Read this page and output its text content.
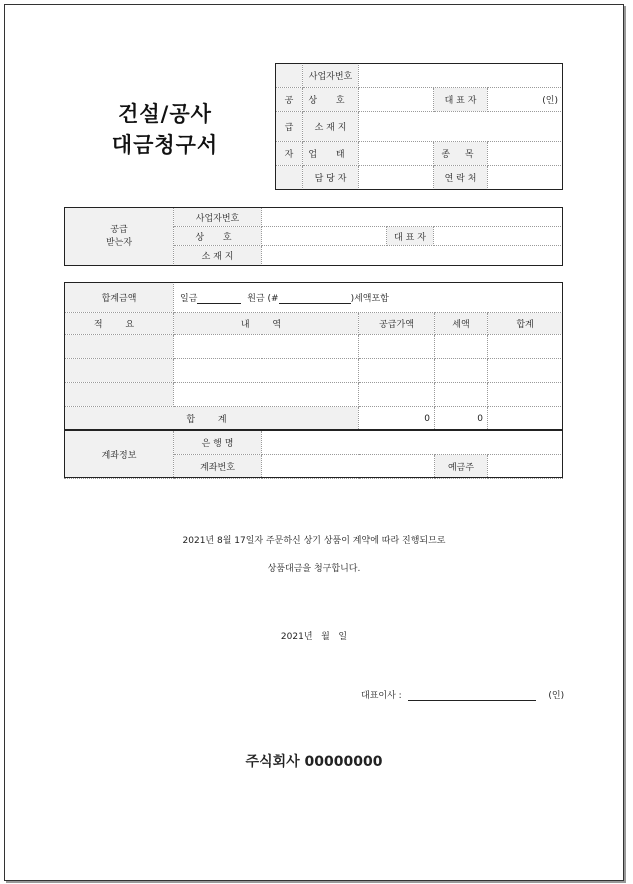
건설/공사
대금청구서
	사업자번호			
공	상 호		대 표 자	(인)
급	소 재 지			
자	업 태		종 목	
	담 당 자		연 락 처	
공급
받는자	사업자번호			
	상 호		대 표 자	
	소 재 지			
합계금액	일금 원금 (# )세액포함				
적 요	내 역		공급가액	세액	합계

합 계			0	0	
계좌정보	은 행 명				
	계좌번호			예금주	
2021년 8월 17일자 주문하신 상기 상품이 계약에 따라 진행되므로
상품대금을 청구합니다.
2021년   월   일
대표이사 :	(인)
주식회사 00000000
